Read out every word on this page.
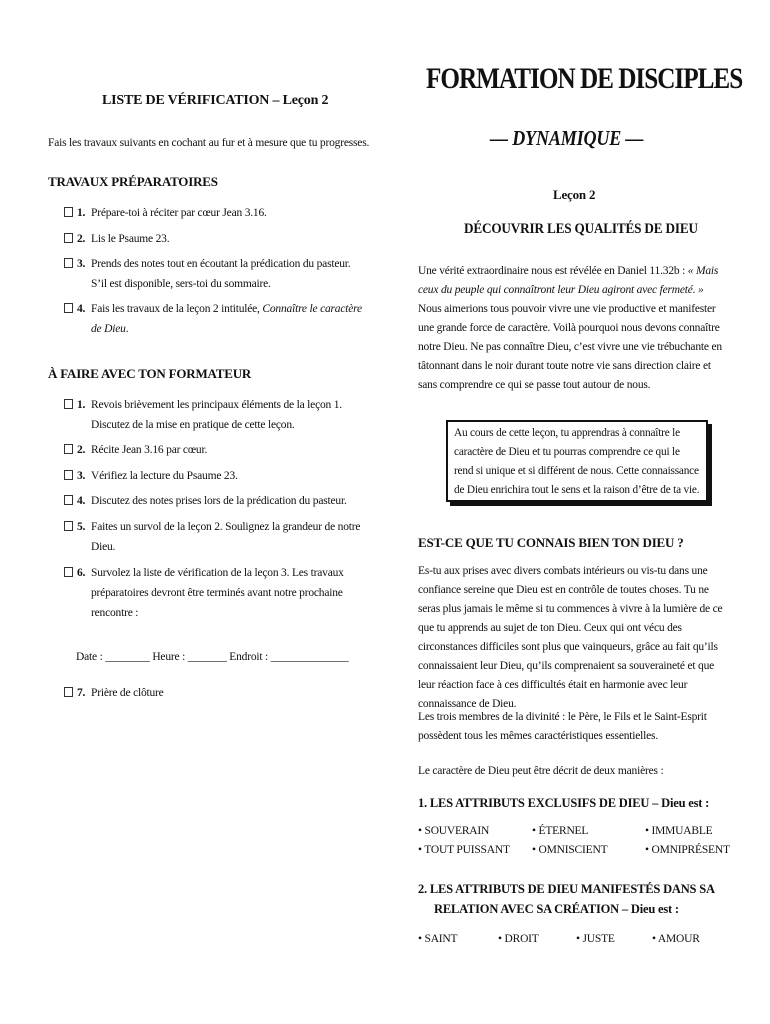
LISTE DE VÉRIFICATION – Leçon 2
Fais les travaux suivants en cochant au fur et à mesure que tu progresses.
TRAVAUX PRÉPARATOIRES
1. Prépare-toi à réciter par cœur Jean 3.16.
2. Lis le Psaume 23.
3. Prends des notes tout en écoutant la prédication du pasteur. S’il est disponible, sers-toi du sommaire.
4. Fais les travaux de la leçon 2 intitulée, Connaître le caractère de Dieu.
À FAIRE AVEC TON FORMATEUR
1. Revois brièvement les principaux éléments de la leçon 1. Discutez de la mise en pratique de cette leçon.
2. Récite Jean 3.16 par cœur.
3. Vérifiez la lecture du Psaume 23.
4. Discutez des notes prises lors de la prédication du pasteur.
5. Faites un survol de la leçon 2. Soulignez la grandeur de notre Dieu.
6. Survolez la liste de vérification de la leçon 3. Les travaux préparatoires devront être terminés avant notre prochaine rencontre :
Date : ________ Heure : _______ Endroit : ______________
7. Prière de clôture
FORMATION DE DISCIPLES
— DYNAMIQUE —
Leçon 2
DÉCOUVRIR LES QUALITÉS DE DIEU
Une vérité extraordinaire nous est révélée en Daniel 11.32b : « Mais ceux du peuple qui connaîtront leur Dieu agiront avec fermeté. » Nous aimerions tous pouvoir vivre une vie productive et manifester une grande force de caractère. Voilà pourquoi nous devons connaître notre Dieu. Ne pas connaître Dieu, c’est vivre une vie trébuchante en tâtonnant dans le noir durant toute notre vie sans direction claire et sans comprendre ce qui se passe tout autour de nous.
Au cours de cette leçon, tu apprendras à connaître le caractère de Dieu et tu pourras comprendre ce qui le rend si unique et si différent de nous. Cette connaissance de Dieu enrichira tout le sens et la raison d’être de ta vie.
EST-CE QUE TU CONNAIS BIEN TON DIEU ?
Es-tu aux prises avec divers combats intérieurs ou vis-tu dans une confiance sereine que Dieu est en contrôle de toutes choses. Tu ne seras plus jamais le même si tu commences à vivre à la lumière de ce que tu apprends au sujet de ton Dieu. Ceux qui ont vécu des circonstances difficiles sont plus que vainqueurs, grâce au fait qu’ils connaissaient leur Dieu, qu’ils comprenaient sa souveraineté et que leur réaction face à ces difficultés était en harmonie avec leur connaissance de Dieu.
Les trois membres de la divinité : le Père, le Fils et le Saint-Esprit possèdent tous les mêmes caractéristiques essentielles.
Le caractère de Dieu peut être décrit de deux manières :
1. LES ATTRIBUTS EXCLUSIFS DE DIEU – Dieu est :
• SOUVERAIN	• ÉTERNEL	• IMMUABLE
• TOUT PUISSANT • OMNISCIENT	• OMNIPRÉSENT
2. LES ATTRIBUTS DE DIEU MANIFESTÉS DANS SA
RELATION AVEC SA CRÉATION – Dieu est :
• SAINT	• DROIT	• JUSTE	• AMOUR
